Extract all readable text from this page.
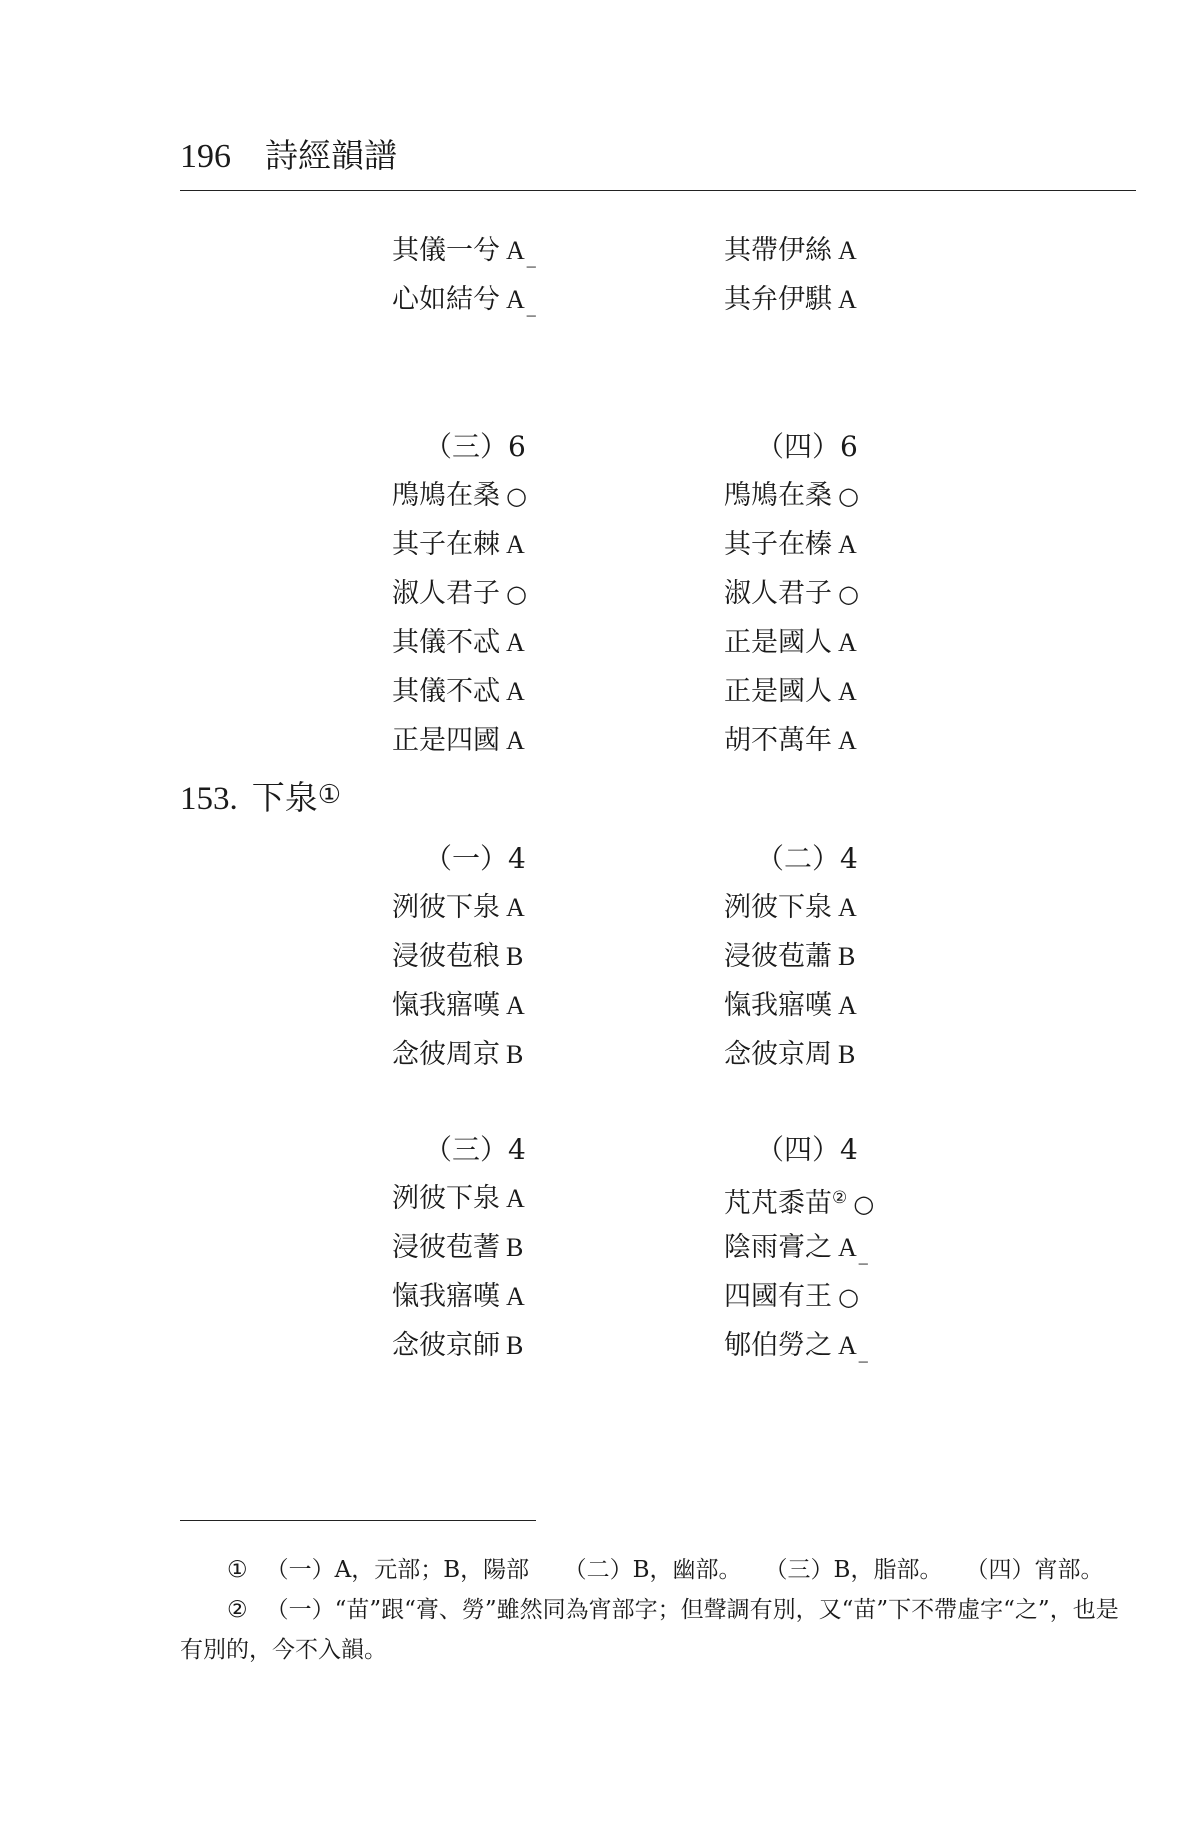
196 詩經韻譜
其儀一兮 A $_{\_}$
心如結兮 A $_{\_}$
其帶伊絲 A
其弁伊騏 A
（三）6
鳲鳩在桑 ○
其子在棘 A
淑人君子 ○
其儀不忒 A
其儀不忒 A
正是四國 A
（四）6
鳲鳩在桑 ○
其子在榛 A
淑人君子 ○
正是國人 A
正是國人 A
胡不萬年 A
153. 下泉①
（一）4
洌彼下泉 A
浸彼苞稂 B
愾我寤嘆 A
念彼周京 B
（二）4
洌彼下泉 A
浸彼苞蕭 B
愾我寤嘆 A
念彼京周 B
（三）4
洌彼下泉 A
浸彼苞蓍 B
愾我寤嘆 A
念彼京師 B
（四）4
芃芃黍苗② ○
陰雨膏之 A $_{\_}$
四國有王 ○
郇伯勞之 A $_{\_}$

① （一）A，元部；B，陽部　　（二）B，幽部。　　（三）B，脂部。　　（四）宵部。

② （一）“苗”跟“膏、勞”雖然同為宵部字；但聲調有別，又“苗”下不帶虛字“之”，也是有別的，今不入韻。
